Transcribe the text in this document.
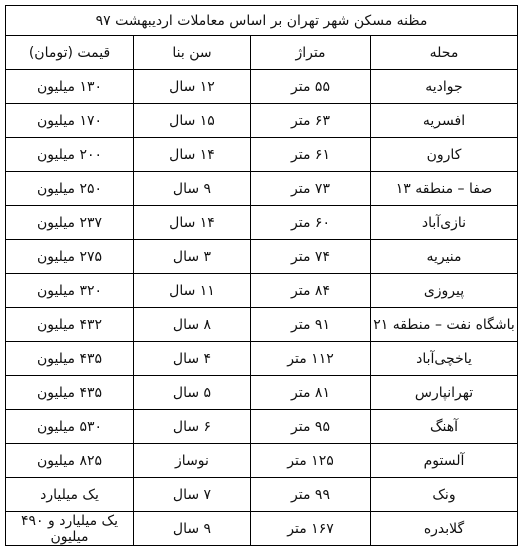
مظنه مسکن شهر تهران بر اساس معاملات اردیبهشت ۹۷			
محله	متراژ	سن بنا	قیمت (تومان)
جوادیه	۵۵ متر	۱۲ سال	۱۳۰ میلیون
افسریه	۶۳ متر	۱۵ سال	۱۷۰ میلیون
کارون	۶۱ متر	۱۴ سال	۲۰۰ میلیون
صفا – منطقه ۱۳	۷۳ متر	۹ سال	۲۵۰ میلیون
نازی‌آباد	۶۰ متر	۱۴ سال	۲۳۷ میلیون
منیریه	۷۴ متر	۳ سال	۲۷۵ میلیون
پیروزی	۸۴ متر	۱۱ سال	۳۲۰ میلیون
باشگاه نفت – منطقه ۲۱	۹۱ متر	۸ سال	۴۳۲ میلیون
یاخچی‌آباد	۱۱۲ متر	۴ سال	۴۳۵ میلیون
تهرانپارس	۸۱ متر	۵ سال	۴۳۵ میلیون
آهنگ	۹۵ متر	۶ سال	۵۳۰ میلیون
آلستوم	۱۲۵ متر	نوساز	۸۲۵ میلیون
ونک	۹۹ متر	۷ سال	یک میلیارد
گلابدره	۱۶۷ متر	۹ سال	یک میلیارد و ۴۹۰ میلیون
